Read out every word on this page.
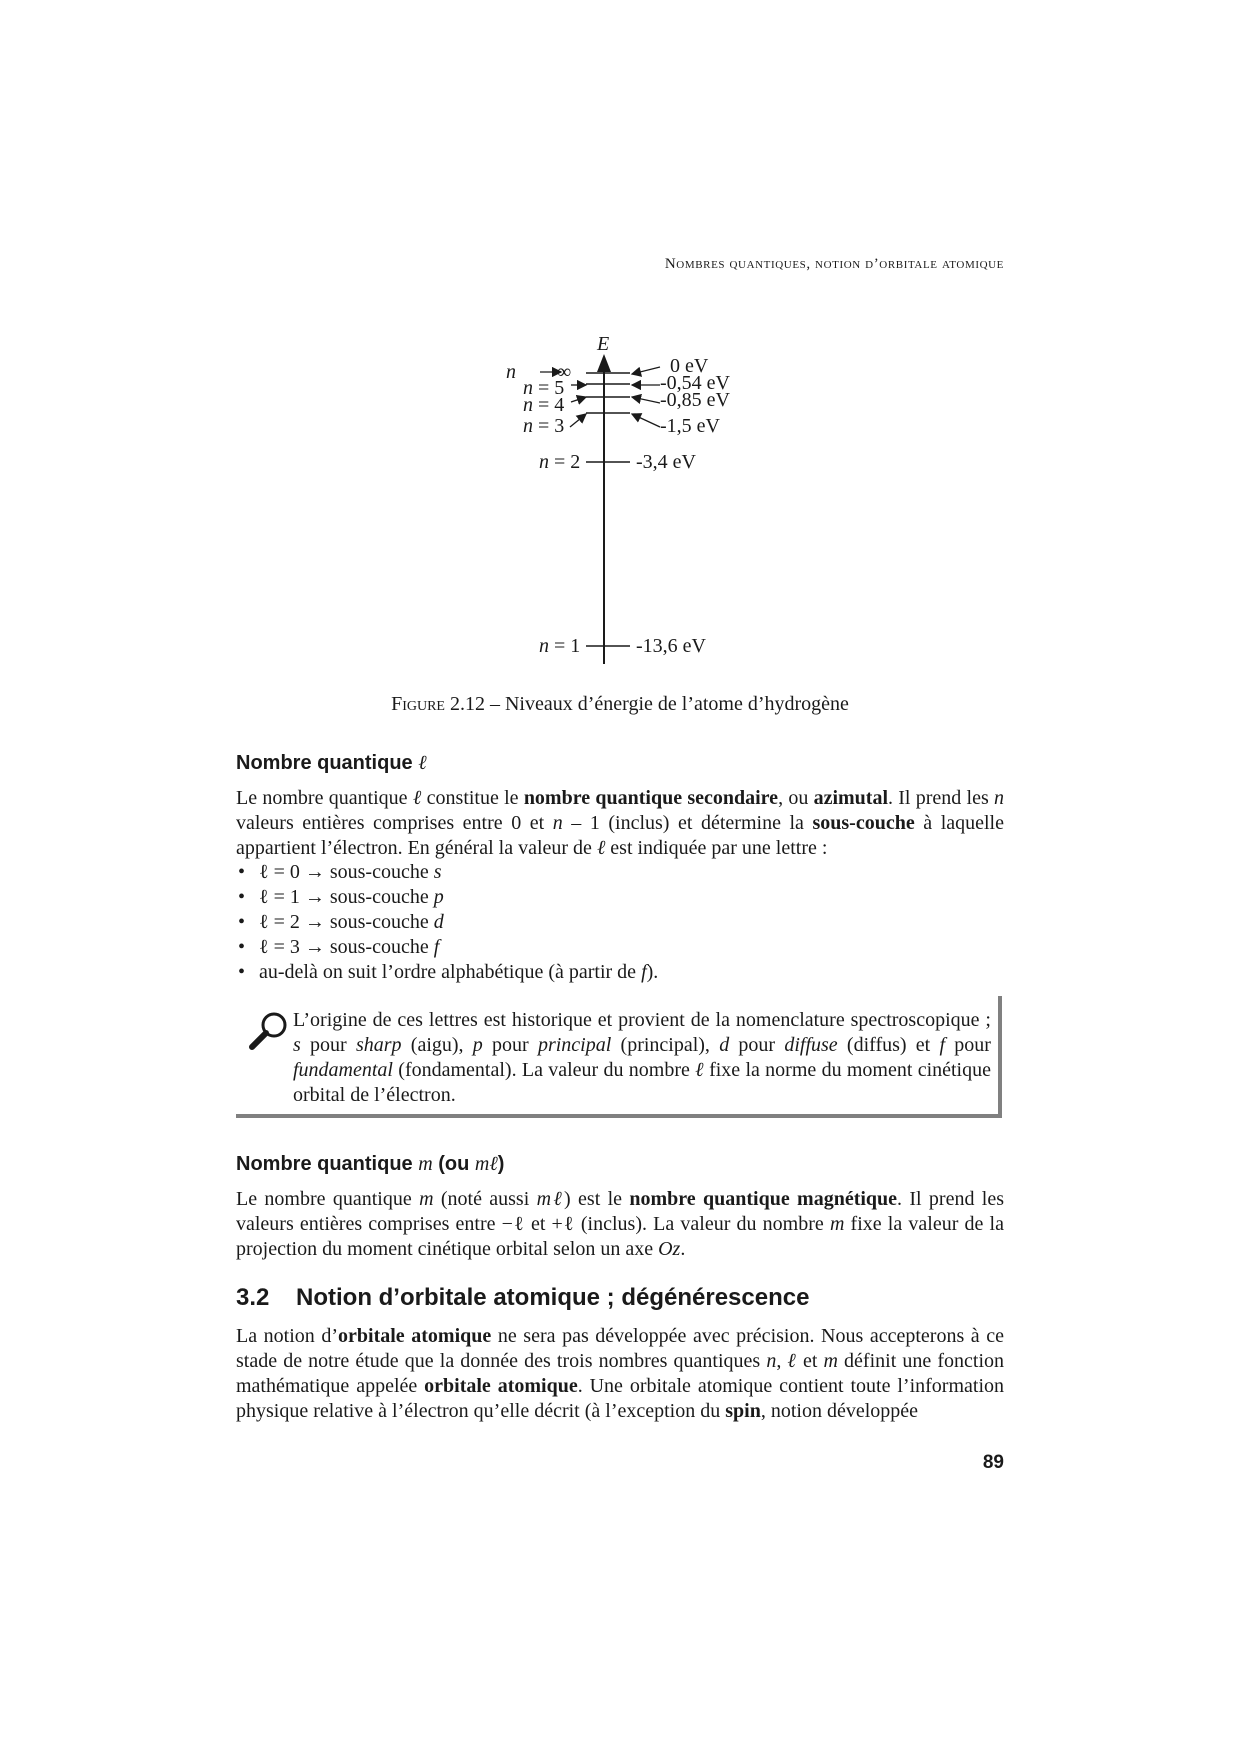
Nombres quantiques, notion d’orbitale atomique
E
n ∞
n = 5
n = 4
n = 3
n = 2
n = 1
0 eV
-0,54 eV
-0,85 eV
-1,5 eV
-3,4 eV
-13,6 eV
Figure 2.12 – Niveaux d’énergie de l’atome d’hydrogène
Nombre quantique ℓ

Le nombre quantique ℓ constitue le nombre quantique secondaire, ou azimutal. Il prend les n valeurs entières comprises entre 0 et n – 1 (inclus) et détermine la sous-couche à laquelle appartient l’électron. En général la valeur de ℓ est indiquée par une lettre :

• ℓ = 0 → sous-couche s
• ℓ = 1 → sous-couche p
• ℓ = 2 → sous-couche d
• ℓ = 3 → sous-couche f
• au-delà on suit l’ordre alphabétique (à partir de f).

L’origine de ces lettres est historique et provient de la nomenclature spectroscopique ; s pour sharp (aigu), p pour principal (principal), d pour diffuse (diffus) et f pour fundamental (fondamental). La valeur du nombre ℓ fixe la norme du moment cinétique orbital de l’électron.

Nombre quantique m (ou mℓ)

Le nombre quantique m (noté aussi mℓ) est le nombre quantique magnétique. Il prend les valeurs entières comprises entre −ℓ et +ℓ (inclus). La valeur du nombre m fixe la valeur de la projection du moment cinétique orbital selon un axe Oz.

3.2 Notion d’orbitale atomique ; dégénérescence

La notion d’orbitale atomique ne sera pas développée avec précision. Nous accepterons à ce stade de notre étude que la donnée des trois nombres quantiques n, ℓ et m définit une fonction mathématique appelée orbitale atomique. Une orbitale atomique contient toute l’information physique relative à l’électron qu’elle décrit (à l’exception du spin, notion développée

89
